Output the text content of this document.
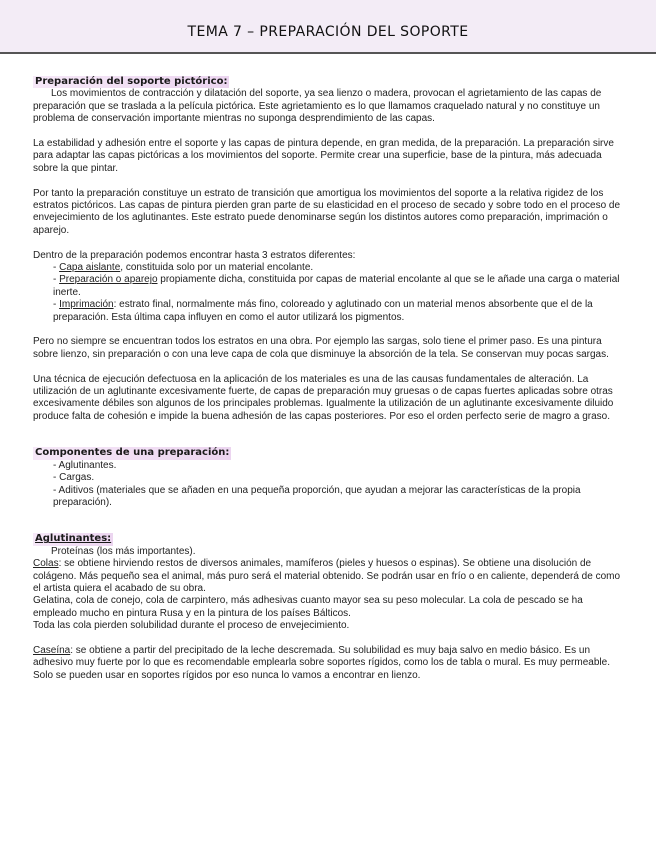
TEMA 7 – PREPARACIÓN DEL SOPORTE
Preparación del soporte pictórico:

Los movimientos de contracción y dilatación del soporte, ya sea lienzo o madera, provocan el agrietamiento de las capas de preparación que se traslada a la película pictórica. Este agrietamiento es lo que llamamos craquelado natural y no constituye un problema de conservación importante mientras no suponga desprendimiento de las capas.

La estabilidad y adhesión entre el soporte y las capas de pintura depende, en gran medida, de la preparación. La preparación sirve para adaptar las capas pictóricas a los movimientos del soporte. Permite crear una superficie, base de la pintura, más adecuada sobre la que pintar.

Por tanto la preparación constituye un estrato de transición que amortigua los movimientos del soporte a la relativa rigidez de los estratos pictóricos. Las capas de pintura pierden gran parte de su elasticidad en el proceso de secado y sobre todo en el proceso de envejecimiento de los aglutinantes. Este estrato puede denominarse según los distintos autores como preparación, imprimación o aparejo.

Dentro de la preparación podemos encontrar hasta 3 estratos diferentes:

- Capa aislante, constituida solo por un material encolante.

- Preparación o aparejo propiamente dicha, constituida por capas de material encolante al que se le añade una carga o material inerte.

- Imprimación: estrato final, normalmente más fino, coloreado y aglutinado con un material menos absorbente que el de la preparación. Esta última capa influyen en como el autor utilizará los pigmentos.

Pero no siempre se encuentran todos los estratos en una obra. Por ejemplo las sargas, solo tiene el primer paso. Es una pintura sobre lienzo, sin preparación o con una leve capa de cola que disminuye la absorción de la tela. Se conservan muy pocas sargas.

Una técnica de ejecución defectuosa en la aplicación de los materiales es una de las causas fundamentales de alteración. La utilización de un aglutinante excesivamente fuerte, de capas de preparación muy gruesas o de capas fuertes aplicadas sobre otras excesivamente débiles son algunos de los principales problemas. Igualmente la utilización de un aglutinante excesivamente diluido produce falta de cohesión e impide la buena adhesión de las capas posteriores. Por eso el orden perfecto serie de magro a graso.

Componentes de una preparación:

- Aglutinantes.

- Cargas.

- Aditivos (materiales que se añaden en una pequeña proporción, que ayudan a mejorar las características de la propia preparación).

Aglutinantes:

Proteínas (los más importantes).

Colas: se obtiene hirviendo restos de diversos animales, mamíferos (pieles y huesos o espinas). Se obtiene una disolución de colágeno. Más pequeño sea el animal, más puro será el material obtenido. Se podrán usar en frío o en caliente, dependerá de como el artista quiera el acabado de su obra.

Gelatina, cola de conejo, cola de carpintero, más adhesivas cuanto mayor sea su peso molecular. La cola de pescado se ha empleado mucho en pintura Rusa y en la pintura de los países Bálticos.

Toda las cola pierden solubilidad durante el proceso de envejecimiento.

Caseína: se obtiene a partir del precipitado de la leche descremada. Su solubilidad es muy baja salvo en medio básico. Es un adhesivo muy fuerte por lo que es recomendable emplearla sobre soportes rígidos, como los de tabla o mural. Es muy permeable. Solo se pueden usar en soportes rígidos por eso nunca lo vamos a encontrar en lienzo.
